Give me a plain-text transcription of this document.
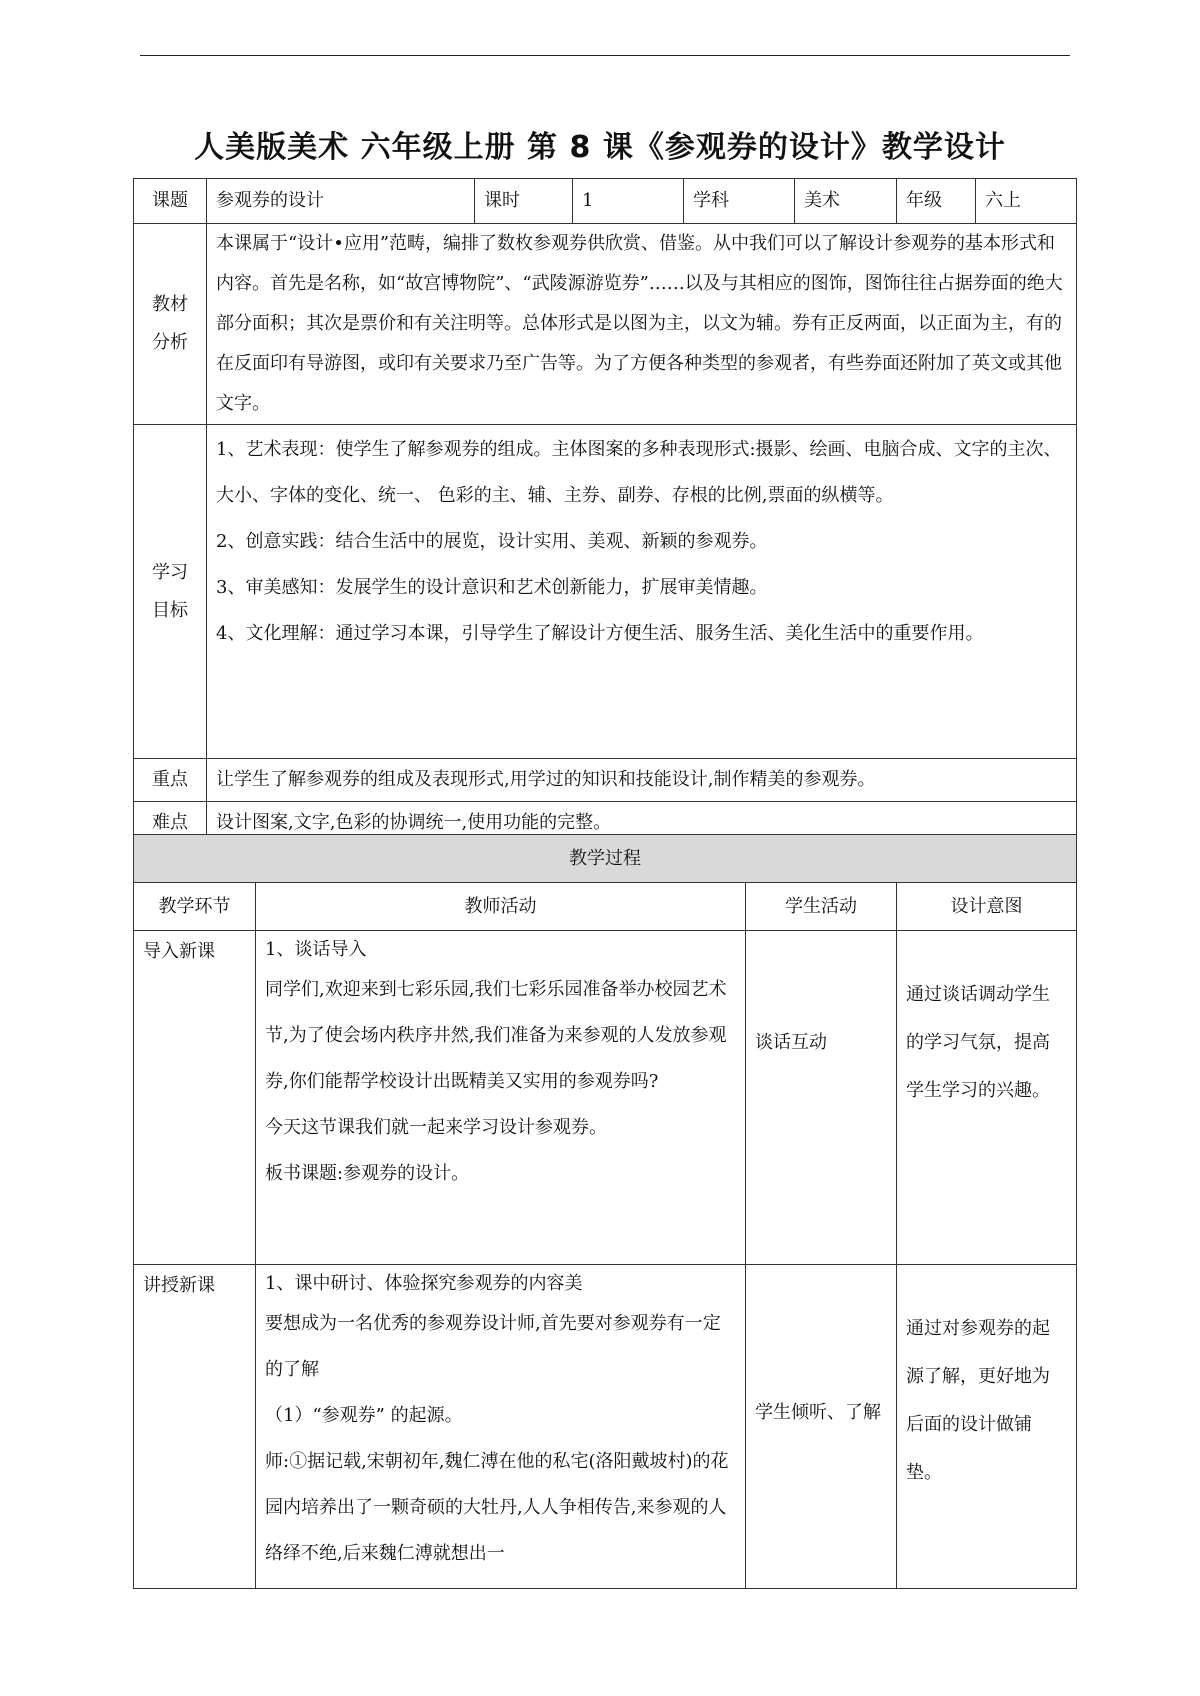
人美版美术 六年级上册 第 8 课《参观券的设计》教学设计
课题	参观券的设计	课时	1	学科	美术	年级	六上
教材分析	本课属于“设计•应用”范畴，编排了数枚参观券供欣赏、借鉴。从中我们可以了解设计参观券的基本形式和内容。首先是名称，如“故宫博物院”、“武陵源游览券”……以及与其相应的图饰，图饰往往占据券面的绝大部分面积；其次是票价和有关注明等。总体形式是以图为主，以文为辅。券有正反两面，以正面为主，有的在反面印有导游图，或印有关要求乃至广告等。为了方便各种类型的参观者，有些券面还附加了英文或其他文字。						
学习目标	1、艺术表现：使学生了解参观券的组成。主体图案的多种表现形式:摄影、绘画、电脑合成、文字的主次、大小、字体的变化、统一、 色彩的主、辅、主券、副券、存根的比例,票面的纵横等。
2、创意实践：结合生活中的展览，设计实用、美观、新颖的参观券。
3、审美感知：发展学生的设计意识和艺术创新能力，扩展审美情趣。
4、文化理解：通过学习本课，引导学生了解设计方便生活、服务生活、美化生活中的重要作用。						

重点	让学生了解参观券的组成及表现形式,用学过的知识和技能设计,制作精美的参观券。						
难点	设计图案,文字,色彩的协调统一,使用功能的完整。						
教学过程			
教学环节	教师活动	学生活动	设计意图
导入新课	1、谈话导入
同学们,欢迎来到七彩乐园,我们七彩乐园准备举办校园艺术节,为了使会场内秩序井然,我们准备为来参观的人发放参观券,你们能帮学校设计出既精美又实用的参观券吗?
今天这节课我们就一起来学习设计参观券。
板书课题:参观券的设计。	谈话互动	通过谈话调动学生的学习气氛，提高学生学习的兴趣。
讲授新课	1、课中研讨、体验探究参观券的内容美
要想成为一名优秀的参观券设计师,首先要对参观券有一定的了解
（1）“参观券” 的起源。
师:①据记载,宋朝初年,魏仁溥在他的私宅(洛阳戴坡村)的花园内培养出了一颗奇硕的大牡丹,人人争相传告,来参观的人络绎不绝,后来魏仁溥就想出一	学生倾听、了解	通过对参观券的起源了解，更好地为后面的设计做铺垫。
